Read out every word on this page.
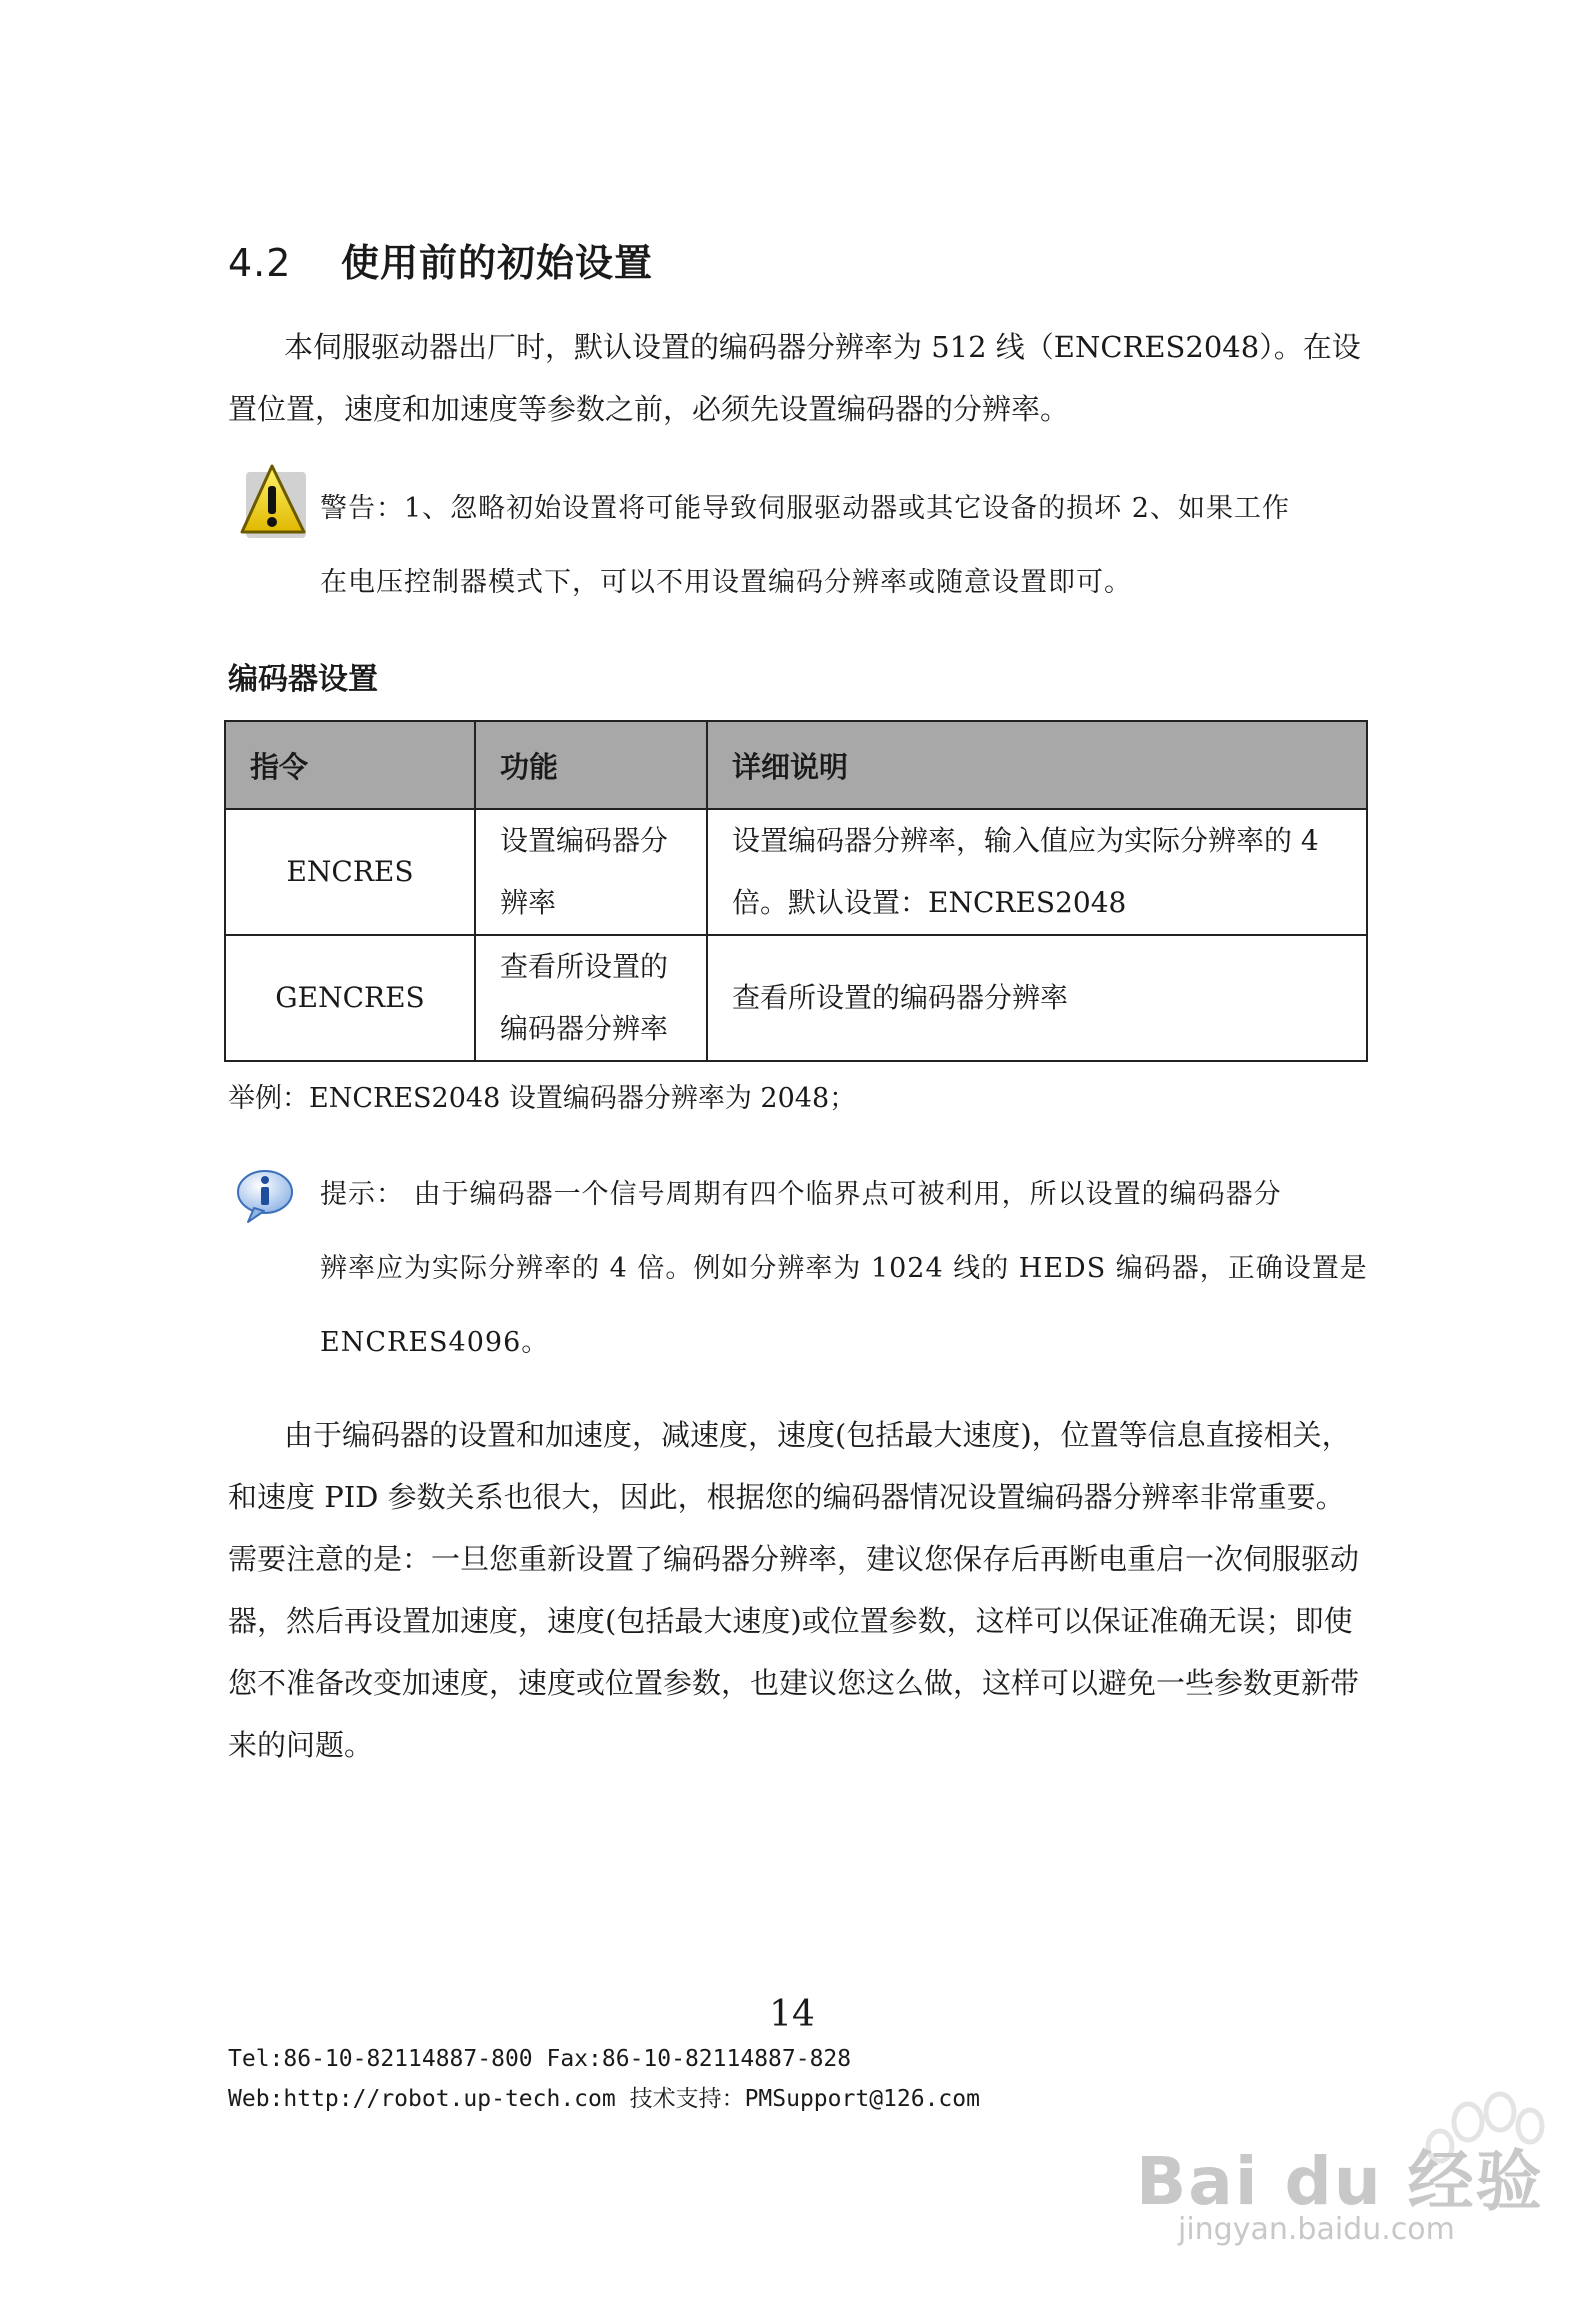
4.2 使用前的初始设置
本伺服驱动器出厂时，默认设置的编码器分辨率为 512 线（ENCRES2048）。在设置位置，速度和加速度等参数之前，必须先设置编码器的分辨率。
警告：1、忽略初始设置将可能导致伺服驱动器或其它设备的损坏 2、如果工作
在电压控制器模式下，可以不用设置编码分辨率或随意设置即可。
编码器设置
指令	功能	详细说明
ENCRES	设置编码器分辨率	设置编码器分辨率，输入值应为实际分辨率的 4 倍。默认设置：ENCRES2048
GENCRES	查看所设置的编码器分辨率	查看所设置的编码器分辨率
举例：ENCRES2048 设置编码器分辨率为 2048；
提示： 由于编码器一个信号周期有四个临界点可被利用，所以设置的编码器分
辨率应为实际分辨率的 4 倍。例如分辨率为 1024 线的 HEDS 编码器，正确设置是
ENCRES4096。
由于编码器的设置和加速度，减速度，速度(包括最大速度)，位置等信息直接相关，和速度 PID 参数关系也很大，因此，根据您的编码器情况设置编码器分辨率非常重要。需要注意的是：一旦您重新设置了编码器分辨率，建议您保存后再断电重启一次伺服驱动器，然后再设置加速度，速度(包括最大速度)或位置参数，这样可以保证准确无误；即使您不准备改变加速度，速度或位置参数，也建议您这么做，这样可以避免一些参数更新带来的问题。
14
Tel:86-10-82114887-800 Fax:86-10-82114887-828
Web:http://robot.up-tech.com 技术支持：PMSupport@126.com
Bai du 经验
jingyan.baidu.com
